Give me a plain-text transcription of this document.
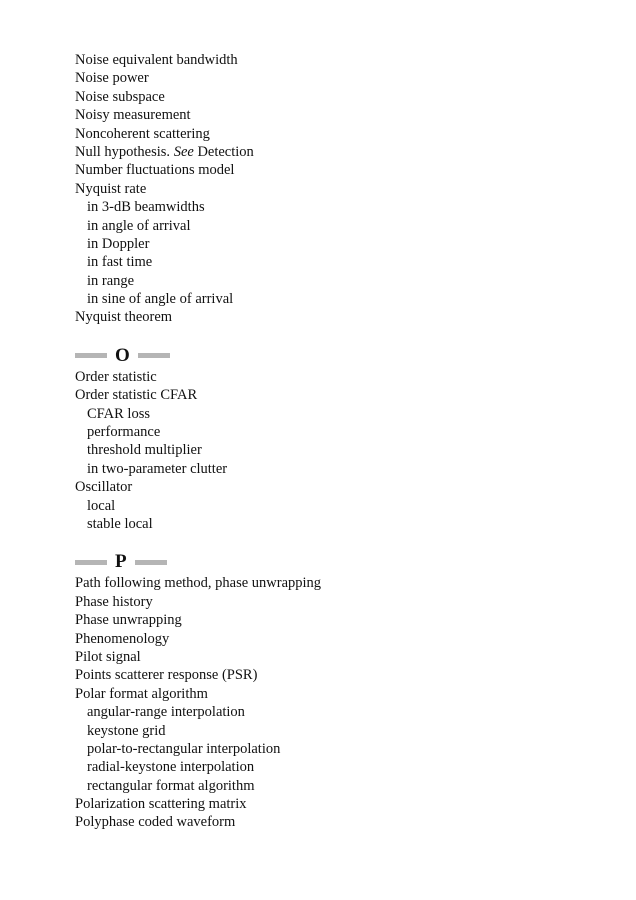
Noise equivalent bandwidth
Noise power
Noise subspace
Noisy measurement
Noncoherent scattering
Null hypothesis. See Detection
Number fluctuations model
Nyquist rate
in 3-dB beamwidths
in angle of arrival
in Doppler
in fast time
in range
in sine of angle of arrival
Nyquist theorem
O
Order statistic
Order statistic CFAR
CFAR loss
performance
threshold multiplier
in two-parameter clutter
Oscillator
local
stable local
P
Path following method, phase unwrapping
Phase history
Phase unwrapping
Phenomenology
Pilot signal
Points scatterer response (PSR)
Polar format algorithm
angular-range interpolation
keystone grid
polar-to-rectangular interpolation
radial-keystone interpolation
rectangular format algorithm
Polarization scattering matrix
Polyphase coded waveform
